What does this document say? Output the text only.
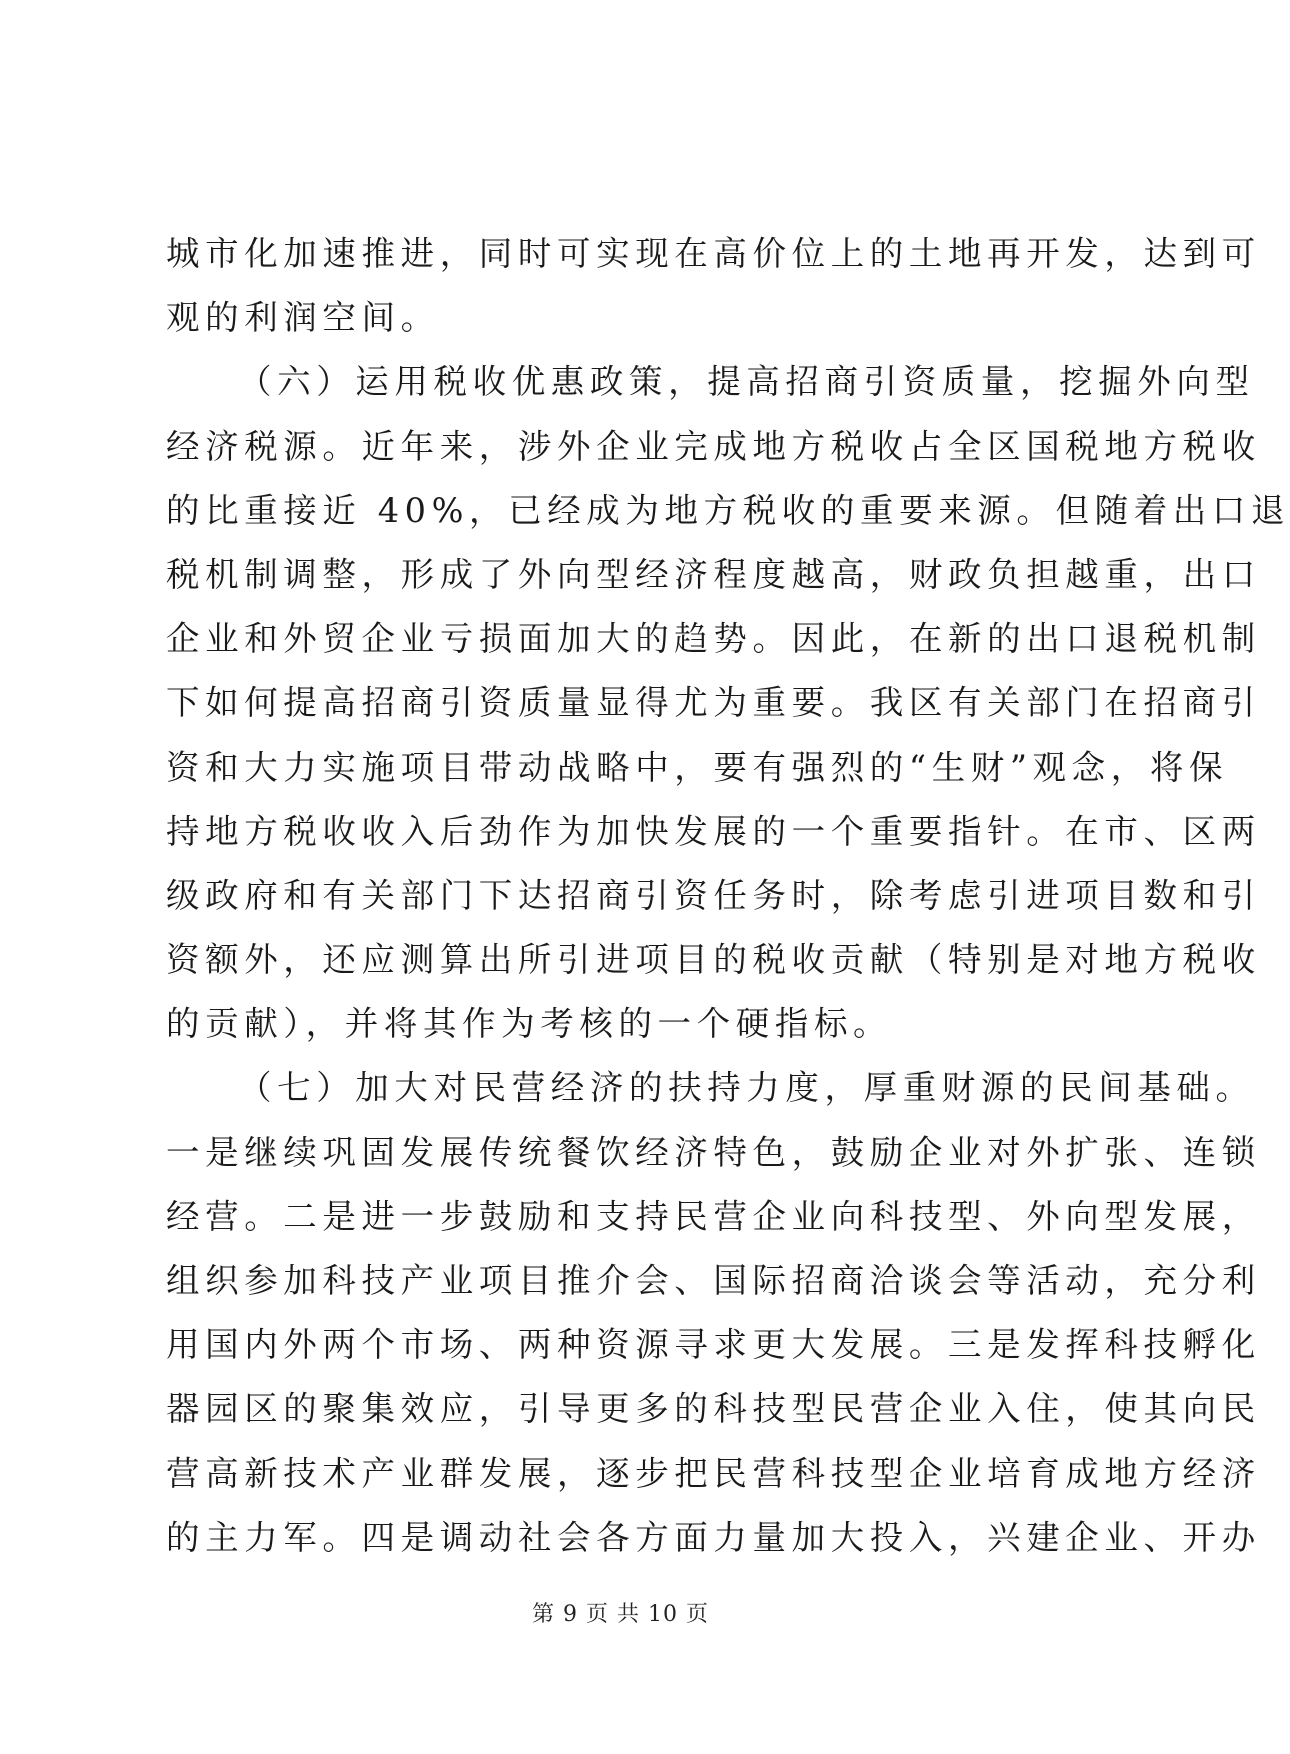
城市化加速推进，同时可实现在高价位上的土地再开发，达到可
观的利润空间。
（六）运用税收优惠政策，提高招商引资质量，挖掘外向型
经济税源。近年来，涉外企业完成地方税收占全区国税地方税收
的比重接近 40%，已经成为地方税收的重要来源。但随着出口退
税机制调整，形成了外向型经济程度越高，财政负担越重，出口
企业和外贸企业亏损面加大的趋势。因此，在新的出口退税机制
下如何提高招商引资质量显得尤为重要。我区有关部门在招商引
资和大力实施项目带动战略中，要有强烈的“生财”观念，将保
持地方税收收入后劲作为加快发展的一个重要指针。在市、区两
级政府和有关部门下达招商引资任务时，除考虑引进项目数和引
资额外，还应测算出所引进项目的税收贡献（特别是对地方税收
的贡献），并将其作为考核的一个硬指标。
（七）加大对民营经济的扶持力度，厚重财源的民间基础。
一是继续巩固发展传统餐饮经济特色，鼓励企业对外扩张、连锁
经营。二是进一步鼓励和支持民营企业向科技型、外向型发展，
组织参加科技产业项目推介会、国际招商洽谈会等活动，充分利
用国内外两个市场、两种资源寻求更大发展。三是发挥科技孵化
器园区的聚集效应，引导更多的科技型民营企业入住，使其向民
营高新技术产业群发展，逐步把民营科技型企业培育成地方经济
的主力军。四是调动社会各方面力量加大投入，兴建企业、开办
第 9 页 共 10 页
